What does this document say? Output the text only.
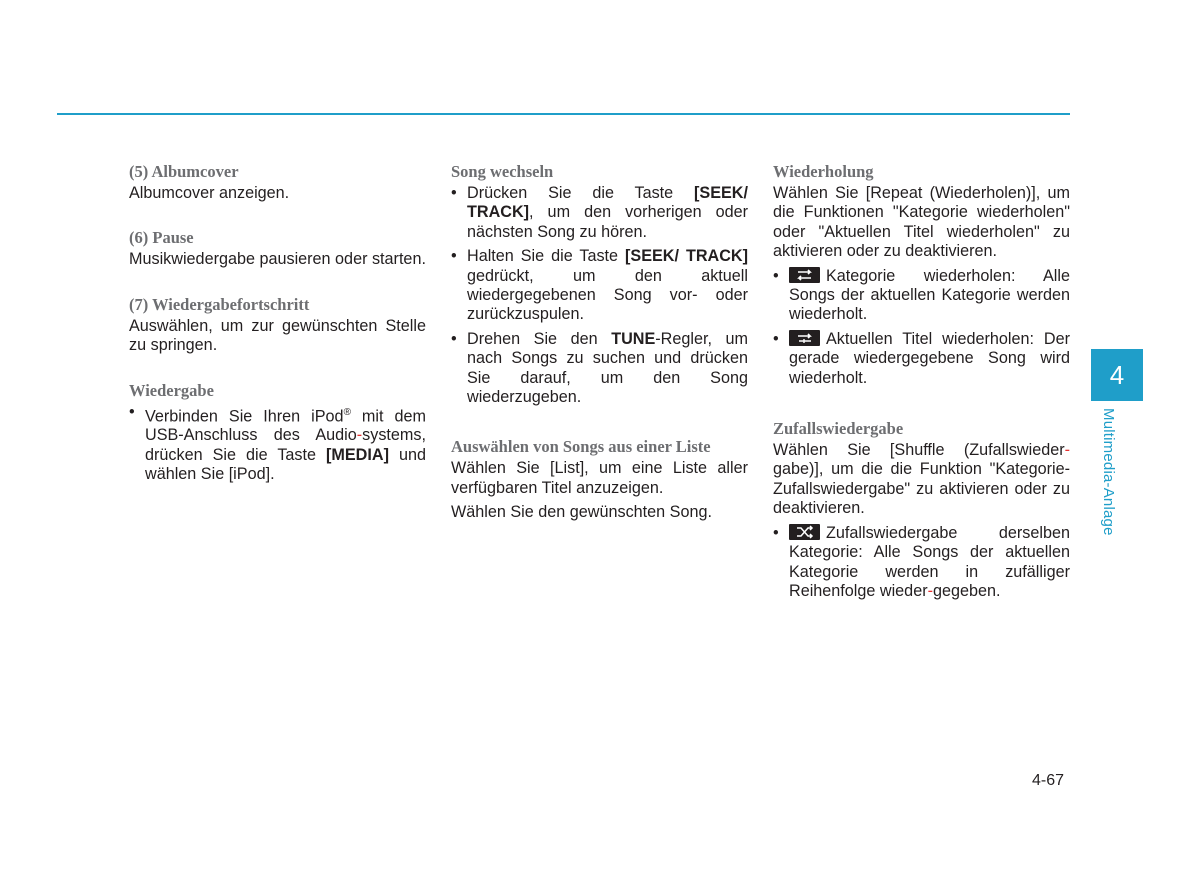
(5) Albumcover

Albumcover anzeigen.

(6) Pause

Musikwiedergabe pausieren oder starten.

(7) Wiedergabefortschritt

Auswählen, um zur gewünschten Stelle zu springen.

Wiedergabe

• Verbinden Sie Ihren iPod® mit dem USB-Anschluss des Audio-systems, drücken Sie die Taste [MEDIA] und wählen Sie [iPod].

Song wechseln

• Drücken Sie die Taste [SEEK/ TRACK], um den vorherigen oder nächsten Song zu hören.
• Halten Sie die Taste [SEEK/ TRACK] gedrückt, um den aktuell wiedergegebenen Song vor- oder zurückzuspulen.
• Drehen Sie den TUNE-Regler, um nach Songs zu suchen und drücken Sie darauf, um den Song wiederzugeben.

Auswählen von Songs aus einer Liste

Wählen Sie [List], um eine Liste aller verfügbaren Titel anzuzeigen.

Wählen Sie den gewünschten Song.

Wiederholung

Wählen Sie [Repeat (Wiederholen)], um die Funktionen "Kategorie wiederholen" oder "Aktuellen Titel wiederholen" zu aktivieren oder zu deaktivieren.

• Kategorie wiederholen: Alle Songs der aktuellen Kategorie werden wiederholt.
• Aktuellen Titel wiederholen: Der gerade wiedergegebene Song wird wiederholt.

Zufallswiedergabe

Wählen Sie [Shuffle (Zufallswieder-gabe)], um die die Funktion "Kategorie-Zufallswiedergabe" zu aktivieren oder zu deaktivieren.

• Zufallswiedergabe derselben Kategorie: Alle Songs der aktuellen Kategorie werden in zufälliger Reihenfolge wieder-gegeben.
4
Multimedia-Anlage
4-67
